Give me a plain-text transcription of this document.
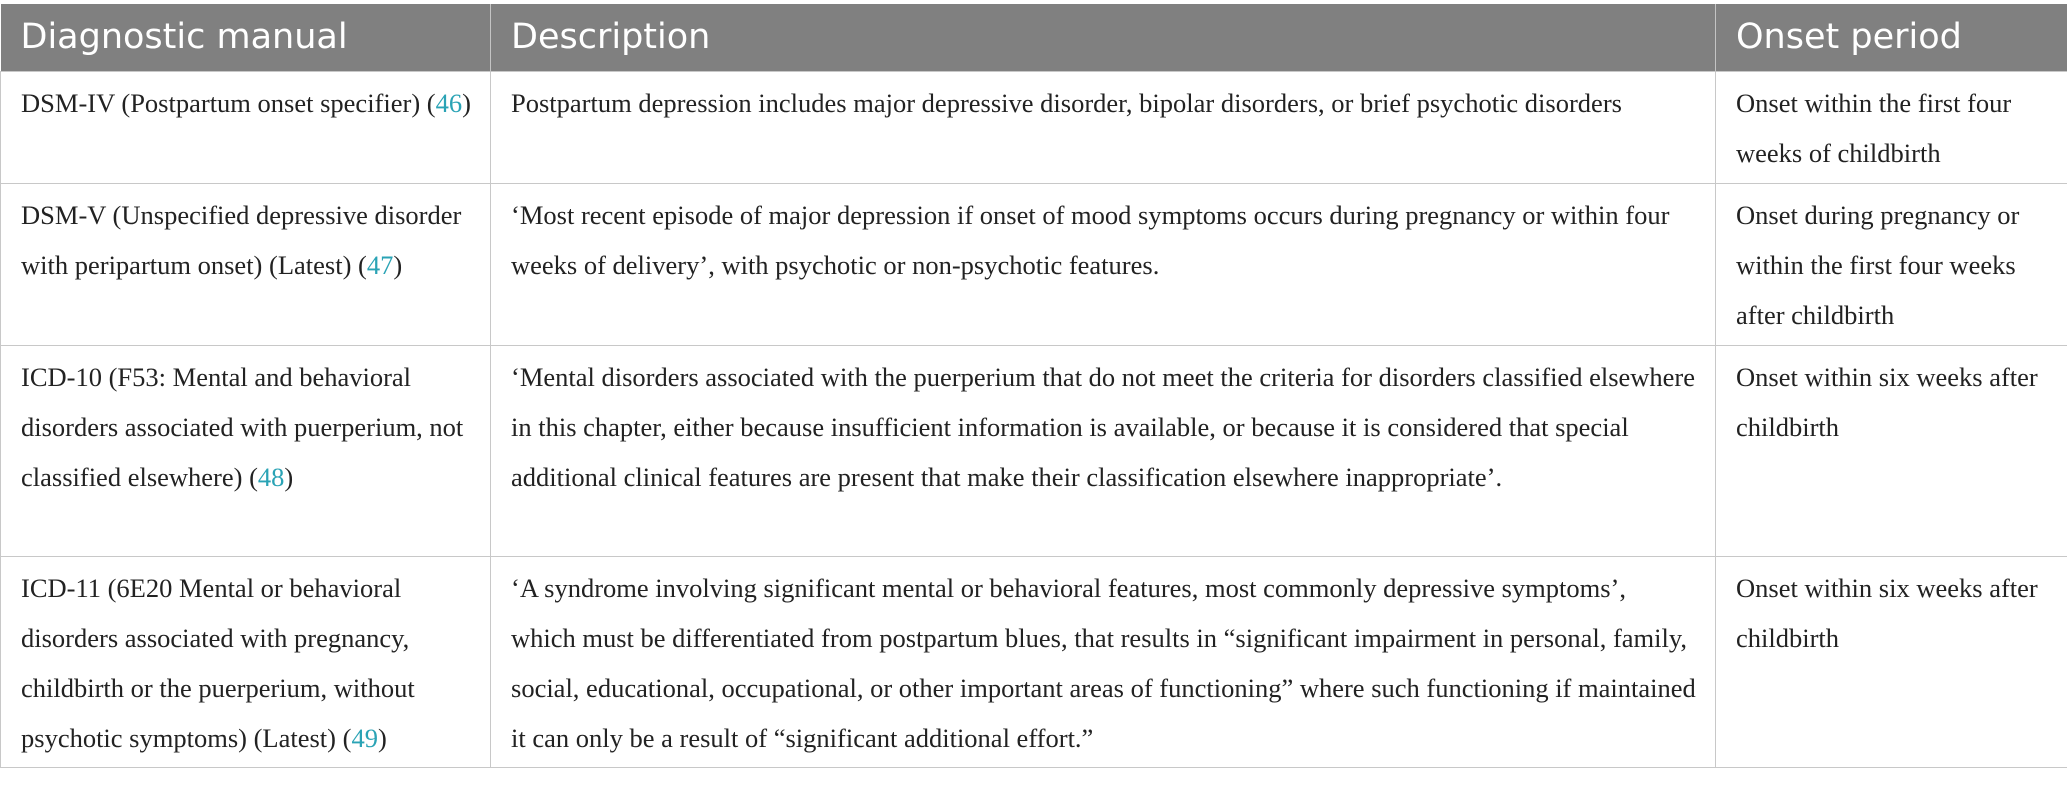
Diagnostic manual	Description	Onset period
DSM-IV (Postpartum onset specifier) (46)	Postpartum depression includes major depressive disorder, bipolar disorders, or brief psychotic disorders	Onset within the first four weeks of childbirth
DSM-V (Unspecified depressive disorder with peripartum onset) (Latest) (47)	‘Most recent episode of major depression if onset of mood symptoms occurs during pregnancy or within four weeks of delivery’, with psychotic or non-psychotic features.	Onset during pregnancy or within the first four weeks after childbirth
ICD-10 (F53: Mental and behavioral disorders associated with puerperium, not classified elsewhere) (48)	‘Mental disorders associated with the puerperium that do not meet the criteria for disorders classified elsewhere in this chapter, either because insufficient information is available, or because it is considered that special additional clinical features are present that make their classification elsewhere inappropriate’.	Onset within six weeks after childbirth
ICD-11 (6E20 Mental or behavioral disorders associated with pregnancy, childbirth or the puerperium, without psychotic symptoms) (Latest) (49)	‘A syndrome involving significant mental or behavioral features, most commonly depressive symptoms’, which must be differentiated from postpartum blues, that results in “significant impairment in personal, family, social, educational, occupational, or other important areas of functioning” where such functioning if maintained it can only be a result of “significant additional effort.”	Onset within six weeks after childbirth
